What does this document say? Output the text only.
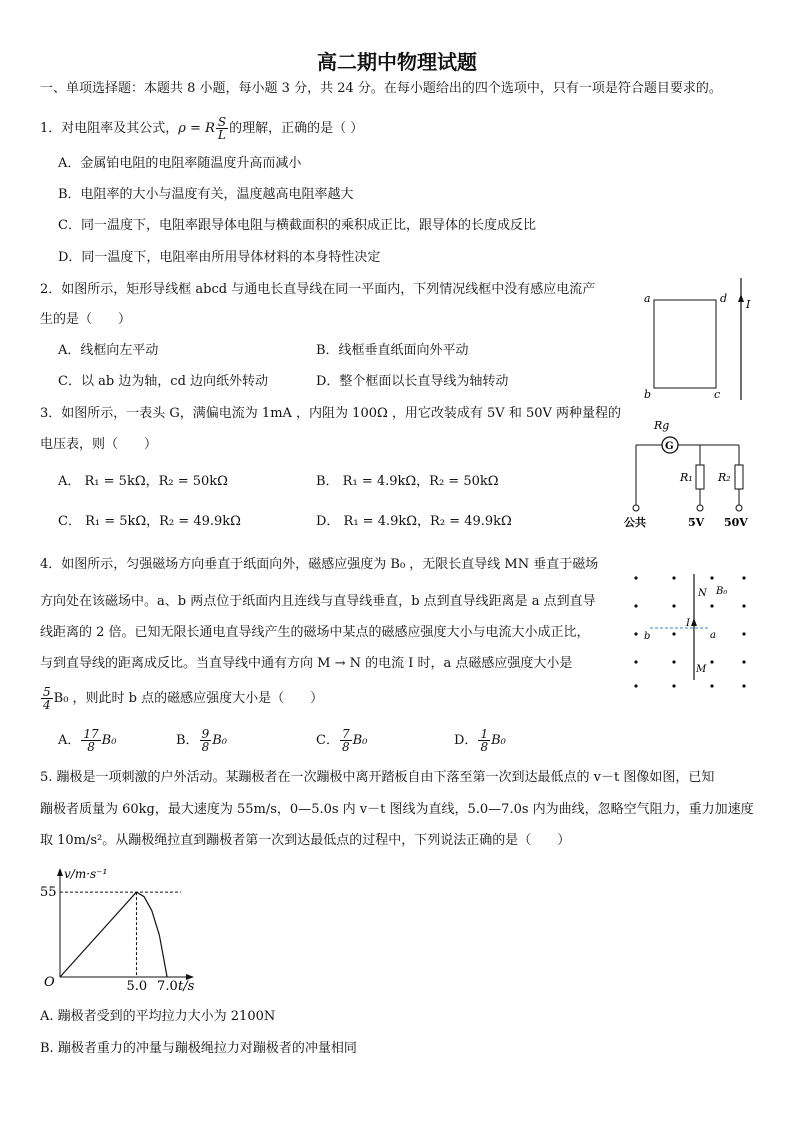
高二期中物理试题
一、单项选择题：本题共 8 小题，每小题 3 分，共 24 分。在每小题给出的四个选项中，只有一项是符合题目要求的。
1．对电阻率及其公式，ρ = R $\frac{S}{L}$ 的理解，正确的是（ ）
A．金属铂电阻的电阻率随温度升高而减小
B．电阻率的大小与温度有关，温度越高电阻率越大
C．同一温度下，电阻率跟导体电阻与横截面积的乘积成正比，跟导体的长度成反比
D．同一温度下，电阻率由所用导体材料的本身特性决定
2．如图所示，矩形导线框 abcd 与通电长直导线在同一平面内，下列情况线框中没有感应电流产
生的是（　　）
A．线框向左平动	B．线框垂直纸面向外平动
C．以 ab 边为轴，cd 边向纸外转动	D．整个框面以长直导线为轴转动
a	d
b	c
I
3．如图所示，一表头 G，满偏电流为 1mA ，内阻为 100Ω ，用它改装成有 5V 和 50V 两种量程的
电压表，则（　　）
A． R₁ = 5kΩ，R₂ = 50kΩ	B． R₁ = 4.9kΩ，R₂ = 50kΩ
C． R₁ = 5kΩ，R₂ = 49.9kΩ	D． R₁ = 4.9kΩ，R₂ = 49.9kΩ
Rg
G
R₁ R₂
公共	5V 50V
4．如图所示，匀强磁场方向垂直于纸面向外，磁感应强度为 B₀ ，无限长直导线 MN 垂直于磁场
方向处在该磁场中。a、b 两点位于纸面内且连线与直导线垂直，b 点到直导线距离是 a 点到直导
线距离的 2 倍。已知无限长通电直导线产生的磁场中某点的磁感应强度大小与电流大小成正比，
与到直导线的距离成反比。当直导线中通有方向 M → N 的电流 I 时，a 点磁感应强度大小是
$\frac{5}{4} B_0$ ，则此时 b 点的磁感应强度大小是（　　）
A． $\frac{17}{8} B_0$	B． $\frac{9}{8} B_0$	C． $\frac{7}{8} B_0$	D． $\frac{1}{8} B_0$
N
M
I
a
b
B₀
5. 蹦极是一项刺激的户外活动。某蹦极者在一次蹦极中离开踏板自由下落至第一次到达最低点的 v－t 图像如图，已知
蹦极者质量为 60kg，最大速度为 55m/s，0—5.0s 内 v－t 图线为直线，5.0—7.0s 内为曲线，忽略空气阻力，重力加速度
取 10m/s²。从蹦极绳拉直到蹦极者第一次到达最低点的过程中，下列说法正确的是（　　）
O	t/s
v/m·s⁻¹
5.0 7.0
55
A. 蹦极者受到的平均拉力大小为 2100N
B. 蹦极者重力的冲量与蹦极绳拉力对蹦极者的冲量相同
